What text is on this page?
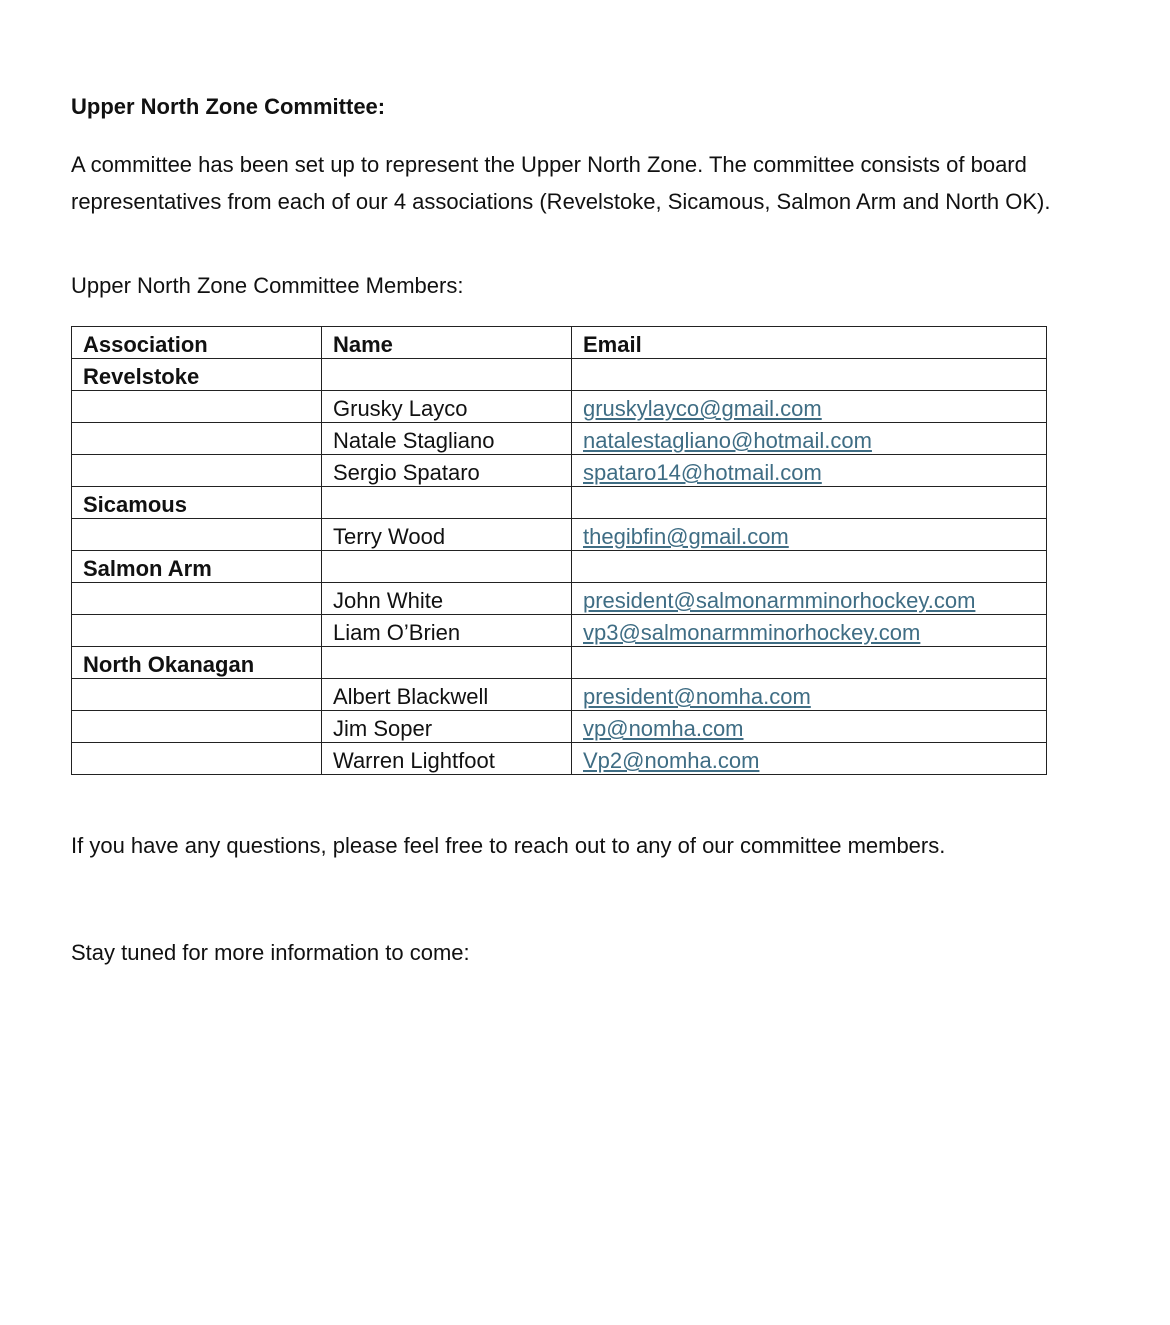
Upper North Zone Committee:

A committee has been set up to represent the Upper North Zone. The committee consists of board representatives from each of our 4 associations (Revelstoke, Sicamous, Salmon Arm and North OK).

Upper North Zone Committee Members:

Association	Name	Email
Revelstoke		
	Grusky Layco	gruskylayco@gmail.com
	Natale Stagliano	natalestagliano@hotmail.com
	Sergio Spataro	spataro14@hotmail.com
Sicamous		
	Terry Wood	thegibfin@gmail.com
Salmon Arm		
	John White	president@salmonarmminorhockey.com
	Liam O’Brien	vp3@salmonarmminorhockey.com
North Okanagan		
	Albert Blackwell	president@nomha.com
	Jim Soper	vp@nomha.com
	Warren Lightfoot	Vp2@nomha.com

If you have any questions, please feel free to reach out to any of our committee members.

Stay tuned for more information to come:
